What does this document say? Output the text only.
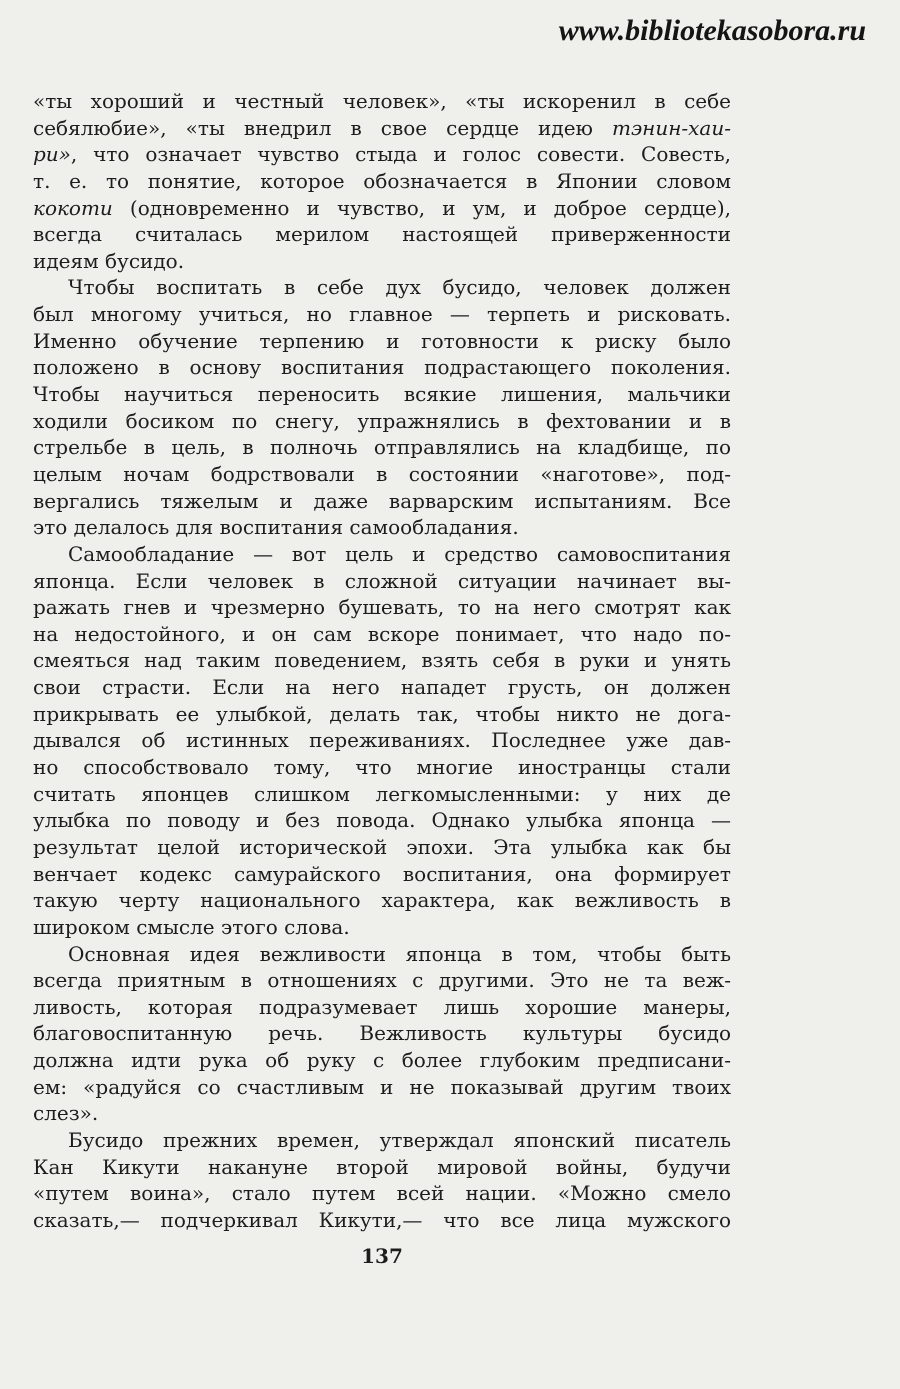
www.bibliotekasobora.ru
«ты хороший и честный человек», «ты искоренил в себе
себялюбие», «ты внедрил в свое сердце идею тэнин-хаи-
ри», что означает чувство стыда и голос совести. Совесть,
т. е. то понятие, которое обозначается в Японии словом
кокоти (одновременно и чувство, и ум, и доброе сердце),
всегда считалась мерилом настоящей приверженности
идеям бусидо.
Чтобы воспитать в себе дух бусидо, человек должен
был многому учиться, но главное — терпеть и рисковать.
Именно обучение терпению и готовности к риску было
положено в основу воспитания подрастающего поколения.
Чтобы научиться переносить всякие лишения, мальчики
ходили босиком по снегу, упражнялись в фехтовании и в
стрельбе в цель, в полночь отправлялись на кладбище, по
целым ночам бодрствовали в состоянии «наготове», под-
вергались тяжелым и даже варварским испытаниям. Все
это делалось для воспитания самообладания.
Самообладание — вот цель и средство самовоспитания
японца. Если человек в сложной ситуации начинает вы-
ражать гнев и чрезмерно бушевать, то на него смотрят как
на недостойного, и он сам вскоре понимает, что надо по-
смеяться над таким поведением, взять себя в руки и унять
свои страсти. Если на него нападет грусть, он должен
прикрывать ее улыбкой, делать так, чтобы никто не дога-
дывался об истинных переживаниях. Последнее уже дав-
но способствовало тому, что многие иностранцы стали
считать японцев слишком легкомысленными: у них де
улыбка по поводу и без повода. Однако улыбка японца —
результат целой исторической эпохи. Эта улыбка как бы
венчает кодекс самурайского воспитания, она формирует
такую черту национального характера, как вежливость в
широком смысле этого слова.
Основная идея вежливости японца в том, чтобы быть
всегда приятным в отношениях с другими. Это не та веж-
ливость, которая подразумевает лишь хорошие манеры,
благовоспитанную речь. Вежливость культуры бусидо
должна идти рука об руку с более глубоким предписани-
ем: «радуйся со счастливым и не показывай другим твоих
слез».
Бусидо прежних времен, утверждал японский писатель
Кан Кикути накануне второй мировой войны, будучи
«путем воина», стало путем всей нации. «Можно смело
сказать,— подчеркивал Кикути,— что все лица мужского
137
